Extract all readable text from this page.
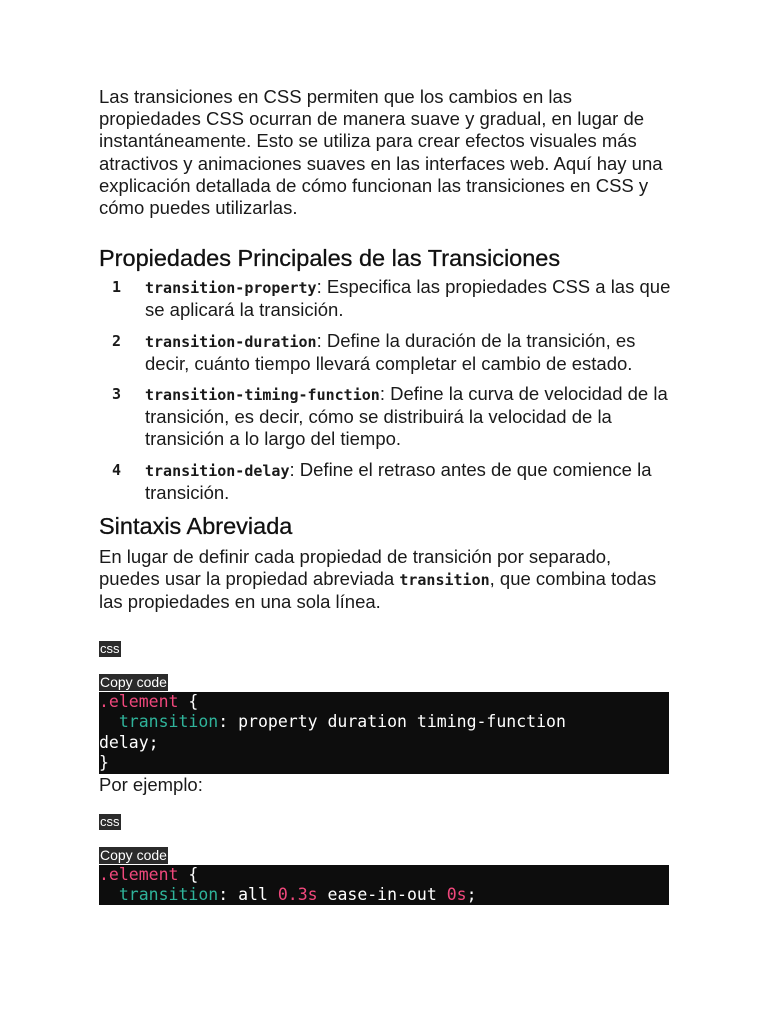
Las transiciones en CSS permiten que los cambios en las propiedades CSS ocurran de manera suave y gradual, en lugar de instantáneamente. Esto se utiliza para crear efectos visuales más atractivos y animaciones suaves en las interfaces web. Aquí hay una explicación detallada de cómo funcionan las transiciones en CSS y cómo puedes utilizarlas.

Propiedades Principales de las Transiciones
1 transition-property: Especifica las propiedades CSS a las que se aplicará la transición.
2 transition-duration: Define la duración de la transición, es decir, cuánto tiempo llevará completar el cambio de estado.
3 transition-timing-function: Define la curva de velocidad de la transición, es decir, cómo se distribuirá la velocidad de la transición a lo largo del tiempo.
4 transition-delay: Define el retraso antes de que comience la transición.
Sintaxis Abreviada

En lugar de definir cada propiedad de transición por separado, puedes usar la propiedad abreviada transition, que combina todas las propiedades en una sola línea.

css
Copy code
.element {
transition: property duration timing-function
delay;
}
Por ejemplo:
css
Copy code
.element {
transition: all 0.3s ease-in-out 0s;
